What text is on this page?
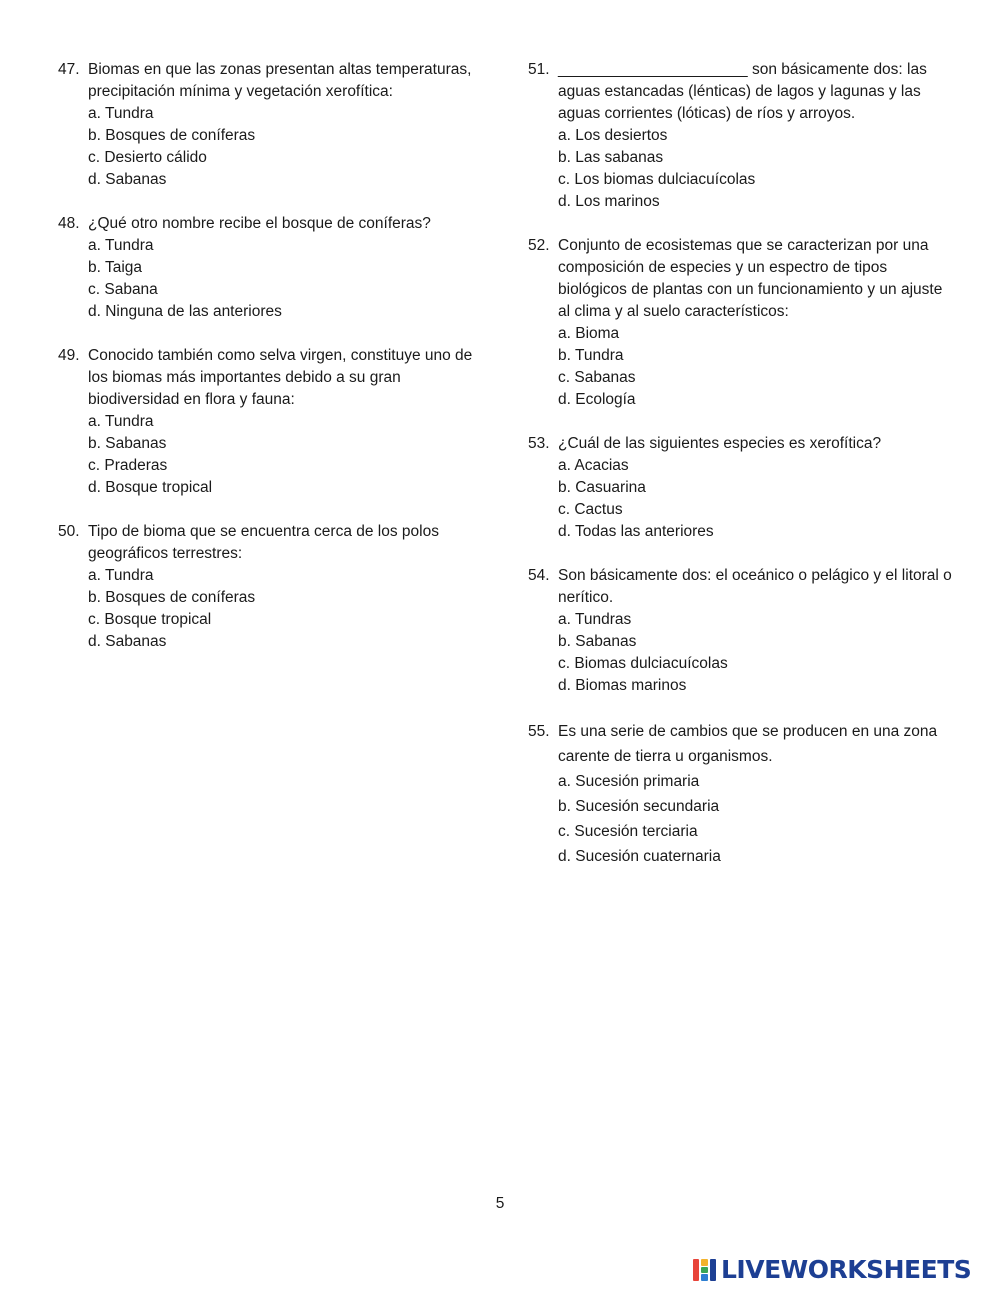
47. Biomas en que las zonas presentan altas temperaturas, precipitación mínima y vegetación xerofítica:
a. Tundra
b. Bosques de coníferas
c. Desierto cálido
d. Sabanas
48. ¿Qué otro nombre recibe el bosque de coníferas?
a. Tundra
b. Taiga
c. Sabana
d. Ninguna de las anteriores
49. Conocido también como selva virgen, constituye uno de los biomas más importantes debido a su gran biodiversidad en flora y fauna:
a. Tundra
b. Sabanas
c. Praderas
d. Bosque tropical
50. Tipo de bioma que se encuentra cerca de los polos geográficos terrestres:
a. Tundra
b. Bosques de coníferas
c. Bosque tropical
d. Sabanas
51. ______________________ son básicamente dos: las aguas estancadas (lénticas) de lagos y lagunas y las aguas corrientes (lóticas) de ríos y arroyos.
a. Los desiertos
b. Las sabanas
c. Los biomas dulciacuícolas
d. Los marinos
52. Conjunto de ecosistemas que se caracterizan por una composición de especies y un espectro de tipos biológicos de plantas con un funcionamiento y un ajuste al clima y al suelo característicos:
a. Bioma
b. Tundra
c. Sabanas
d. Ecología
53. ¿Cuál de las siguientes especies es xerofítica?
a. Acacias
b. Casuarina
c. Cactus
d. Todas las anteriores
54. Son básicamente dos: el oceánico o pelágico y el litoral o nerítico.
a. Tundras
b. Sabanas
c. Biomas dulciacuícolas
d. Biomas marinos
55. Es una serie de cambios que se producen en una zona carente de tierra u organismos.
a. Sucesión primaria
b. Sucesión secundaria
c. Sucesión terciaria
d. Sucesión cuaternaria
5
LIVEWORKSHEETS
